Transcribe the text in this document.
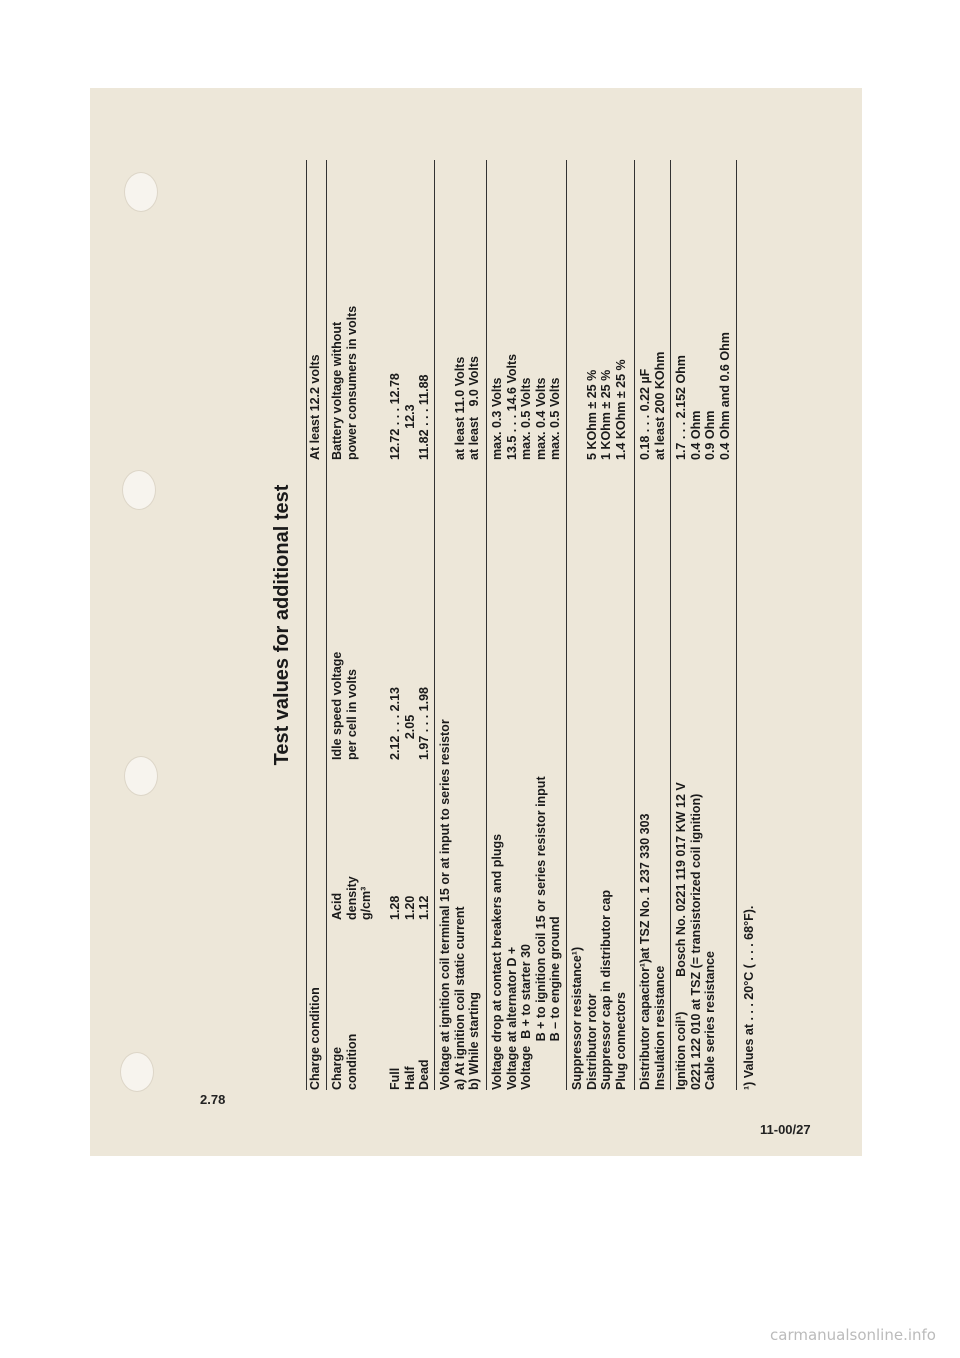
2.78
11-00/27
Test values for additional test
Charge condition
At least 12.2 volts
Charge
condition
Acid
density
g/cm³
Idle speed voltage
per cell in volts
Battery voltage without
power consumers in volts
Full
Half
Dead
1.28
1.20
1.12
2.12 . . . 2.13
2.05
1.97 . . . 1.98
12.72 . . . 12.78
12.3
11.82 . . . 11.88
Voltage at ignition coil terminal 15 or at input to series resistor
a) At ignition coil static current
b) While starting

at least 11.0 Volts
at least   9.0 Volts
Voltage drop at contact breakers and plugs
Voltage at alternator D +
Voltage  B + to starter 30
B + to ignition coil 15 or series resistor input
B – to engine ground
max. 0.3 Volts
13.5 . . . 14.6 Volts
max. 0.5 Volts
max. 0.4 Volts
max. 0.5 Volts
Suppressor resistance¹)
Distributor rotor
Suppressor cap in distributor cap
Plug connectors

5 KOhm ± 25 %
1 KOhm ± 25 %
1.4 KOhm ± 25 %
Distributor capacitor¹)at TSZ No. 1 237 330 303
Insulation resistance
0.18 . . . 0.22 µF
at least 200 KOhm
Ignition coil¹)          Bosch No. 0221 119 017 KW 12 V
0221 122 010 at TSZ (= transistorized coil ignition)
Cable series resistance
1.7 . . . 2.152 Ohm
0.4 Ohm
0.9 Ohm
0.4 Ohm and 0.6 Ohm
¹) Values at . . . 20°C ( . . . 68°F).
carmanualsonline.info
